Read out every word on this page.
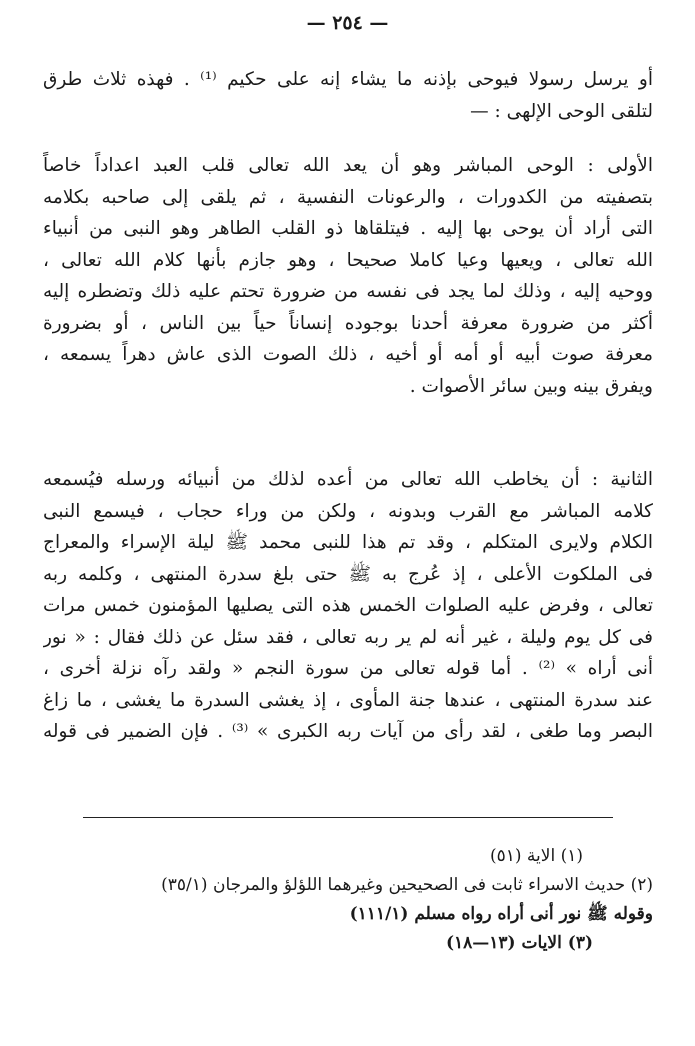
— ٢٥٤ —
أو يرسل رسولا فيوحى بإذنه ما يشاء إنه على حكيم ⁽¹⁾ . فهذه ثلاث طرق
لتلقى الوحى الإلهى : —
الأولى : الوحى المباشر وهو أن يعد الله تعالى قلب العبد اعداداً خاصاً
بتصفيته من الكدورات ، والرعونات النفسية ، ثم يلقى إلى صاحبه بكلامه
التى أراد أن يوحى بها إليه . فيتلقاها ذو القلب الطاهر وهو النبى من أنبياء
الله تعالى ، ويعيها وعيا كاملا صحيحا ، وهو جازم بأنها كلام الله تعالى ،
ووحيه إليه ، وذلك لما يجد فى نفسه من ضرورة تحتم عليه ذلك وتضطره إليه
أكثر من ضرورة معرفة أحدنا بوجوده إنساناً حياً بين الناس ، أو بضرورة
معرفة صوت أبيه أو أمه أو أخيه ، ذلك الصوت الذى عاش دهراً يسمعه ،
ويفرق بينه وبين سائر الأصوات .
الثانية : أن يخاطب الله تعالى من أعده لذلك من أنبيائه ورسله فيُسمعه
كلامه المباشر مع القرب وبدونه ، ولكن من وراء حجاب ، فيسمع النبى
الكلام ولايرى المتكلم ، وقد تم هذا للنبى محمد ﷺ ليلة الإسراء والمعراج
فى الملكوت الأعلى ، إذ عُرج به ﷺ حتى بلغ سدرة المنتهى ، وكلمه ربه
تعالى ، وفرض عليه الصلوات الخمس هذه التى يصليها المؤمنون خمس مرات
فى كل يوم وليلة ، غير أنه لم ير ربه تعالى ، فقد سئل عن ذلك فقال : « نور
أنى أراه » ⁽²⁾ . أما قوله تعالى من سورة النجم « ولقد رآه نزلة أخرى ،
عند سدرة المنتهى ، عندها جنة المأوى ، إذ يغشى السدرة ما يغشى ، ما زاغ
البصر وما طغى ، لقد رأى من آيات ربه الكبرى » ⁽³⁾ . فإن الضمير فى قوله
(١) الاية (٥١)
(٢) حديث الاسراء ثابت فى الصحيحين وغيرهما اللؤلؤ والمرجان (٣٥/١)
وقوله ﷺ نور أنى أراه رواه مسلم (١١١/١)
(٣) الايات (١٣—١٨)
